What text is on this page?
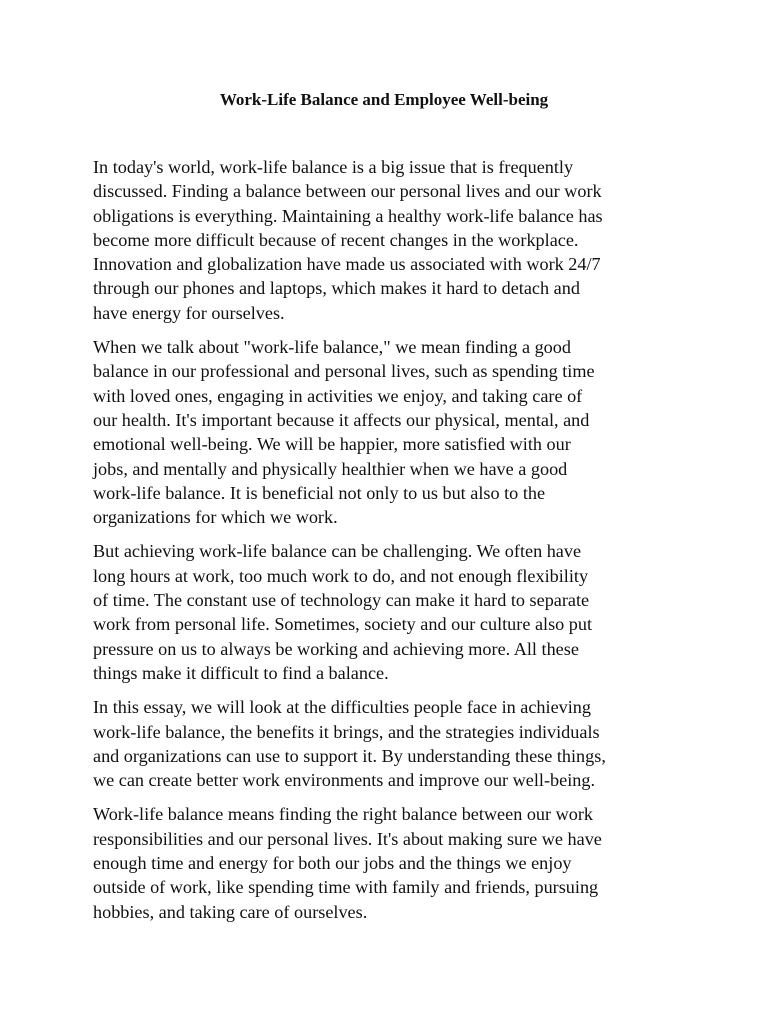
Work-Life Balance and Employee Well-being

In today's world, work-life balance is a big issue that is frequently
discussed. Finding a balance between our personal lives and our work
obligations is everything. Maintaining a healthy work-life balance has
become more difficult because of recent changes in the workplace.
Innovation and globalization have made us associated with work 24/7
through our phones and laptops, which makes it hard to detach and
have energy for ourselves.

When we talk about "work-life balance," we mean finding a good
balance in our professional and personal lives, such as spending time
with loved ones, engaging in activities we enjoy, and taking care of
our health. It's important because it affects our physical, mental, and
emotional well-being. We will be happier, more satisfied with our
jobs, and mentally and physically healthier when we have a good
work-life balance. It is beneficial not only to us but also to the
organizations for which we work.

But achieving work-life balance can be challenging. We often have
long hours at work, too much work to do, and not enough flexibility
of time. The constant use of technology can make it hard to separate
work from personal life. Sometimes, society and our culture also put
pressure on us to always be working and achieving more. All these
things make it difficult to find a balance.

In this essay, we will look at the difficulties people face in achieving
work-life balance, the benefits it brings, and the strategies individuals
and organizations can use to support it. By understanding these things,
we can create better work environments and improve our well-being.

Work-life balance means finding the right balance between our work
responsibilities and our personal lives. It's about making sure we have
enough time and energy for both our jobs and the things we enjoy
outside of work, like spending time with family and friends, pursuing
hobbies, and taking care of ourselves.
